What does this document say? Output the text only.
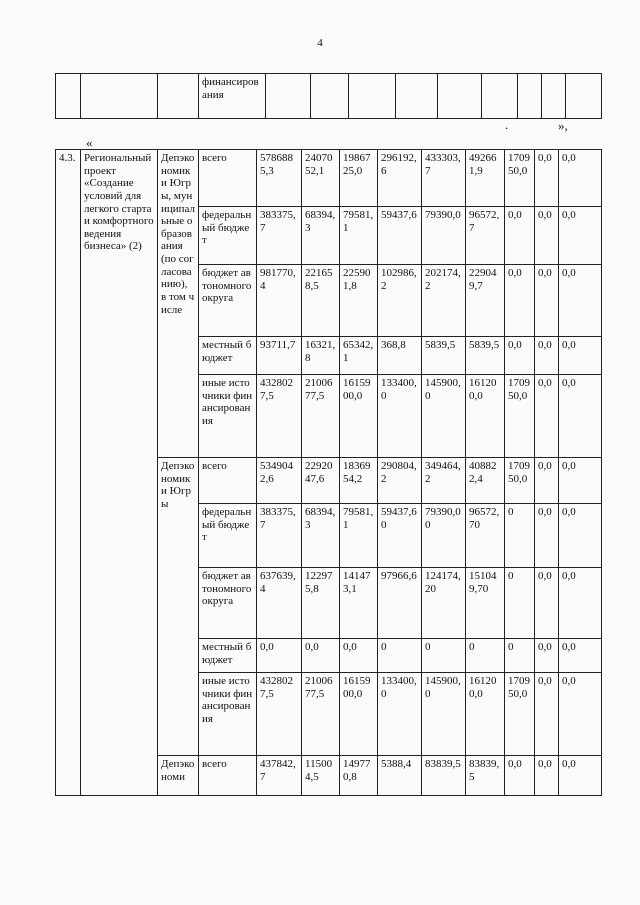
4
			финансирования									
.	»,
«
4.3.	Региональный проект «Создание условий для легкого старта и комфортного ведения бизнеса» (2)	Депэкономики Югры, муниципальные образования (по согласованию), в том числе	всего	5786885,3	2407052,1	1986725,0	296192,6	433303,7	492661,9	170950,0	0,0	0,0
			федеральный бюджет	383375,7	68394,3	79581,1	59437,6	79390,0	96572,7	0,0	0,0	0,0
			бюджет автономного округа	981770,4	221658,5	225901,8	102986,2	202174,2	229049,7	0,0	0,0	0,0
			местный бюджет	93711,7	16321,8	65342,1	368,8	5839,5	5839,5	0,0	0,0	0,0
			иные источники финансирования	4328027,5	2100677,5	1615900,0	133400,0	145900,0	161200,0	170950,0	0,0	0,0
		Депэкономики Югры	всего	5349042,6	2292047,6	1836954,2	290804,2	349464,2	408822,4	170950,0	0,0	0,0
			федеральный бюджет	383375,7	68394,3	79581,1	59437,60	79390,00	96572,70	0	0,0	0,0
			бюджет автономного округа	637639,4	122975,8	141473,1	97966,6	124174,20	151049,70	0	0,0	0,0
			местный бюджет	0,0	0,0	0,0	0	0	0	0	0,0	0,0
			иные источники финансирования	4328027,5	2100677,5	1615900,0	133400,0	145900,0	161200,0	170950,0	0,0	0,0
		Депэкономи	всего	437842,7	115004,5	149770,8	5388,4	83839,5	83839,5	0,0	0,0	0,0
